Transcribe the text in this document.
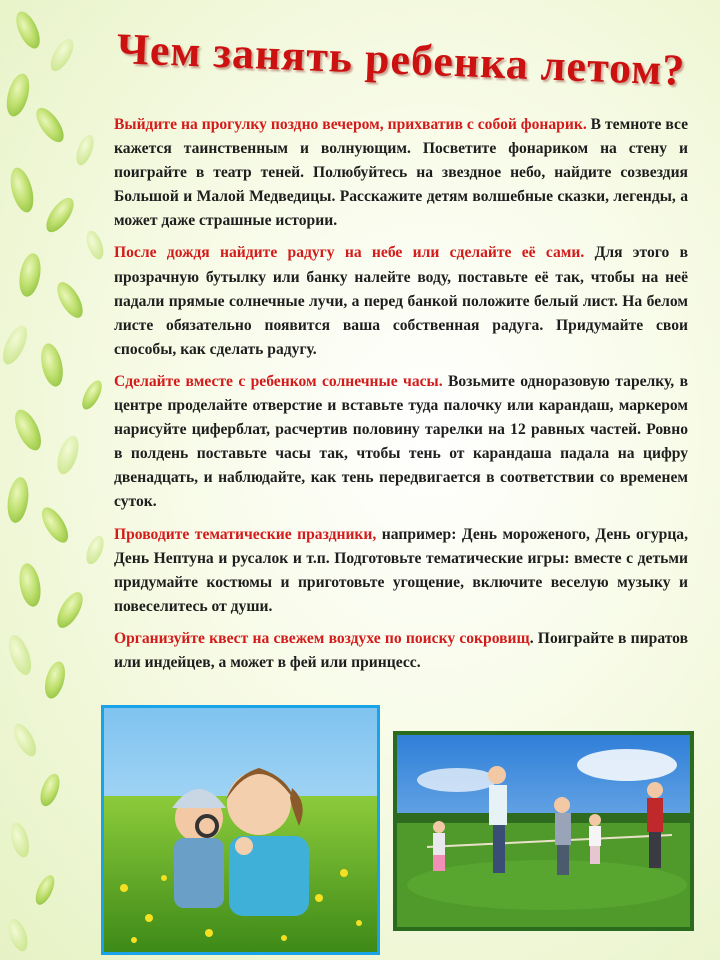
Чем занять ребенка летом?

Выйдите на прогулку поздно вечером, прихватив с собой фонарик. В темноте все кажется таинственным и волнующим. Посветите фонариком на стену и поиграйте в театр теней. Полюбуйтесь на звездное небо, найдите созвездия Большой и Малой Медведицы. Расскажите детям волшебные сказки, легенды, а может даже страшные истории.

После дождя найдите радугу на небе или сделайте её сами. Для этого в прозрачную бутылку или банку налейте воду, поставьте её так, чтобы на неё падали прямые солнечные лучи, а перед банкой положите белый лист. На белом листе обязательно появится ваша собственная радуга. Придумайте свои способы, как сделать радугу.

Сделайте вместе с ребенком солнечные часы. Возьмите одноразовую тарелку, в центре проделайте отверстие и вставьте туда палочку или карандаш, маркером нарисуйте циферблат, расчертив половину тарелки на 12 равных частей. Ровно в полдень поставьте часы так, чтобы тень от карандаша падала на цифру двенадцать, и наблюдайте, как тень передвигается в соответствии со временем суток.

Проводите тематические праздники, например: День мороженого, День огурца, День Нептуна и русалок и т.п. Подготовьте тематические игры: вместе с детьми придумайте костюмы и приготовьте угощение, включите веселую музыку и повеселитесь от души.

Организуйте квест на свежем воздухе по поиску сокровищ. Поиграйте в пиратов или индейцев, а может в фей или принцесс.
